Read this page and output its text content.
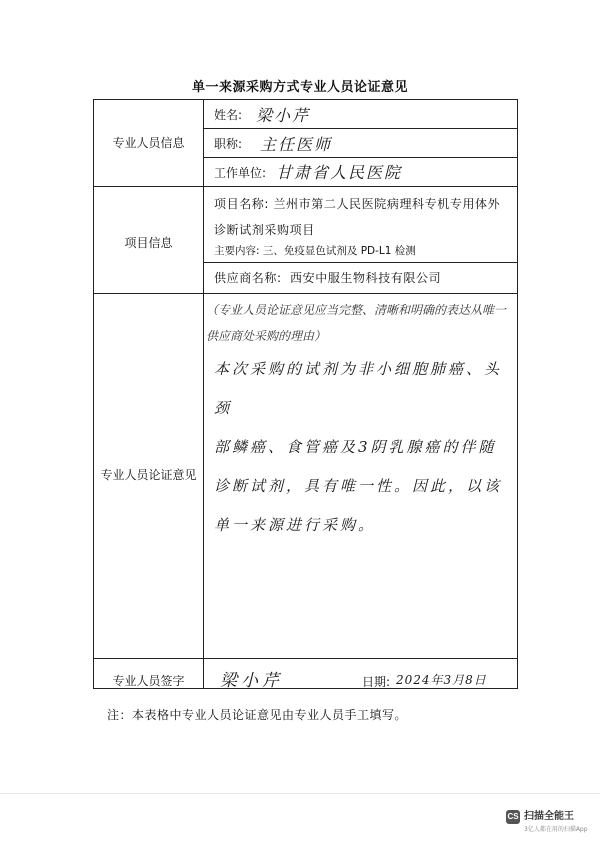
单一来源采购方式专业人员论证意见
专业人员信息
姓名: 梁小芹
职称: 主任医师
工作单位: 甘肃省人民医院
项目信息
项目名称: 兰州市第二人民医院病理科专机专用体外
诊断试剂采购项目
主要内容: 三、免疫显色试剂及 PD-L1 检测
供应商名称: 西安中服生物科技有限公司
专业人员论证意见
（专业人员论证意见应当完整、清晰和明确的表达从唯一供应商处采购的理由）
本次采购的试剂为非小细胞肺癌、头颈
部鳞癌、食管癌及3阴乳腺癌的伴随
诊断试剂，具有唯一性。因此，以该
单一来源进行采购。
专业人员签字	梁小芹	日期: 2024年3月8日
注：本表格中专业人员论证意见由专业人员手工填写。
CS 扫描全能王
3亿人都在用的扫描App
